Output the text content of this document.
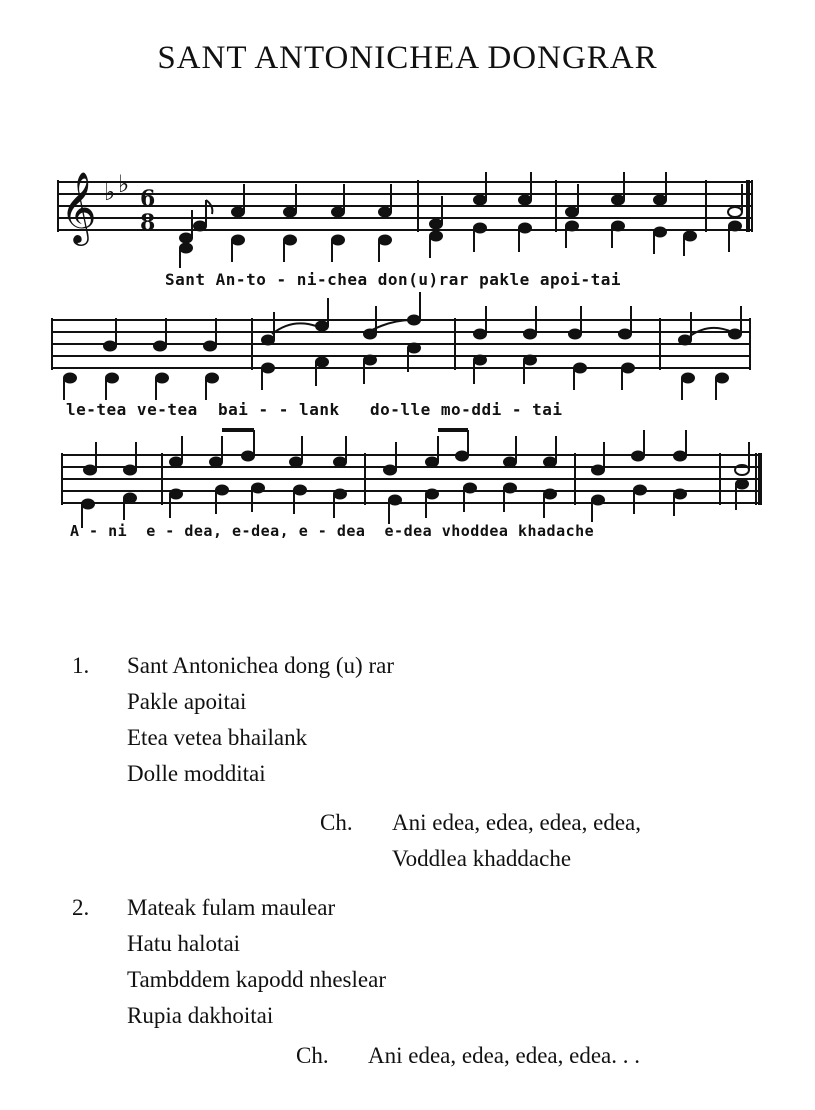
SANT ANTONICHEA DONGRAR
𝄞 ♭ ♭
6
8
Sant An-to - ni-chea don(u)rar pakle apoi-tai
le-tea ve-tea  bai - - lank   do-lle mo-ddi - tai
A - ni  e - dea, e-dea, e - dea  e-dea vhoddea khadache
1. Sant Antonichea dong (u) rar
Pakle apoitai
Etea vetea bhailank
Dolle modditai
Ch. Ani edea, edea, edea, edea,
Voddlea khaddache
2. Mateak fulam maulear
Hatu halotai
Tambddem kapodd nheslear
Rupia dakhoitai
Ch. Ani edea, edea, edea, edea. . .
